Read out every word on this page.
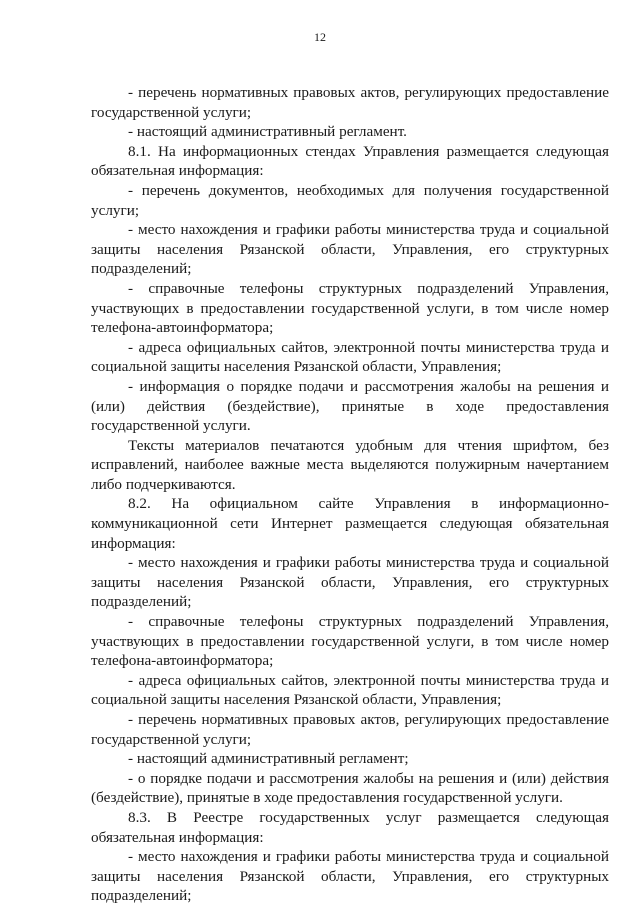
12

- перечень нормативных правовых актов, регулирующих предоставление государственной услуги;

- настоящий административный регламент.

8.1. На информационных стендах Управления размещается следующая обязательная информация:

- перечень документов, необходимых для получения государственной услуги;

- место нахождения и графики работы министерства труда и социальной защиты населения Рязанской области, Управления, его структурных подразделений;

- справочные телефоны структурных подразделений Управления, участвующих в предоставлении государственной услуги, в том числе номер телефона-автоинформатора;

- адреса официальных сайтов, электронной почты министерства труда и социальной защиты населения Рязанской области, Управления;

- информация о порядке подачи и рассмотрения жалобы на решения и (или) действия (бездействие), принятые в ходе предоставления государственной услуги.

Тексты материалов печатаются удобным для чтения шрифтом, без исправлений, наиболее важные места выделяются полужирным начертанием либо подчеркиваются.

8.2. На официальном сайте Управления в информационно-коммуникационной сети Интернет размещается следующая обязательная информация:

- место нахождения и графики работы министерства труда и социальной защиты населения Рязанской области, Управления, его структурных подразделений;

- справочные телефоны структурных подразделений Управления, участвующих в предоставлении государственной услуги, в том числе номер телефона-автоинформатора;

- адреса официальных сайтов, электронной почты министерства труда и социальной защиты населения Рязанской области, Управления;

- перечень нормативных правовых актов, регулирующих предоставление государственной услуги;

- настоящий административный регламент;

- о порядке подачи и рассмотрения жалобы на решения и (или) действия (бездействие), принятые в ходе предоставления государственной услуги.

8.3. В Реестре государственных услуг размещается следующая обязательная информация:

- место нахождения и графики работы министерства труда и социальной защиты населения Рязанской области, Управления, его структурных подразделений;
